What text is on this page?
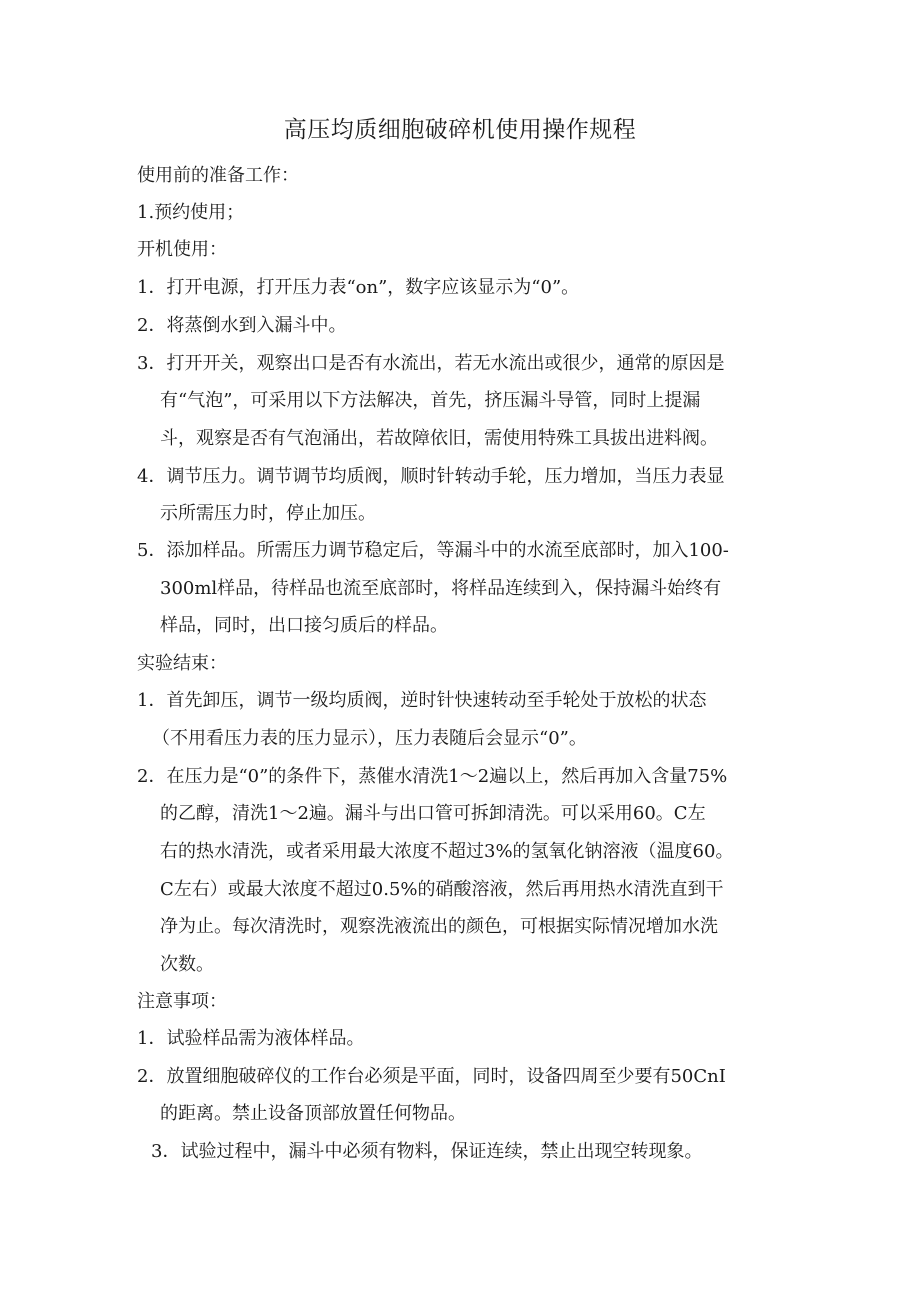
高压均质细胞破碎机使用操作规程
使用前的准备工作：
1.预约使用；
开机使用：
1．打开电源，打开压力表“on”，数字应该显示为“0”。
2．将蒸倒水到入漏斗中。
3．打开开关，观察出口是否有水流出，若无水流出或很少，通常的原因是
有“气泡”，可采用以下方法解决，首先，挤压漏斗导管，同时上提漏
斗，观察是否有气泡涌出，若故障依旧，需使用特殊工具拔出进料阀。
4．调节压力。调节调节均质阀，顺时针转动手轮，压力增加，当压力表显
示所需压力时，停止加压。
5．添加样品。所需压力调节稳定后，等漏斗中的水流至底部时，加入100-
300ml样品，待样品也流至底部时，将样品连续到入，保持漏斗始终有
样品，同时，出口接匀质后的样品。
实验结束：
1．首先卸压，调节一级均质阀，逆时针快速转动至手轮处于放松的状态
（不用看压力表的压力显示），压力表随后会显示“0”。
2．在压力是“0”的条件下，蒸催水清洗1〜2遍以上，然后再加入含量75%
的乙醇，清洗1〜2遍。漏斗与出口管可拆卸清洗。可以采用60。C左
右的热水清洗，或者采用最大浓度不超过3%的氢氧化钠溶液（温度60。
C左右）或最大浓度不超过0.5%的硝酸溶液，然后再用热水清洗直到干
净为止。每次清洗时，观察洗液流出的颜色，可根据实际情况增加水洗
次数。
注意事项：
1．试验样品需为液体样品。
2．放置细胞破碎仪的工作台必须是平面，同时，设备四周至少要有50CnI
的距离。禁止设备顶部放置任何物品。
3．试验过程中，漏斗中必须有物料，保证连续，禁止出现空转现象。
